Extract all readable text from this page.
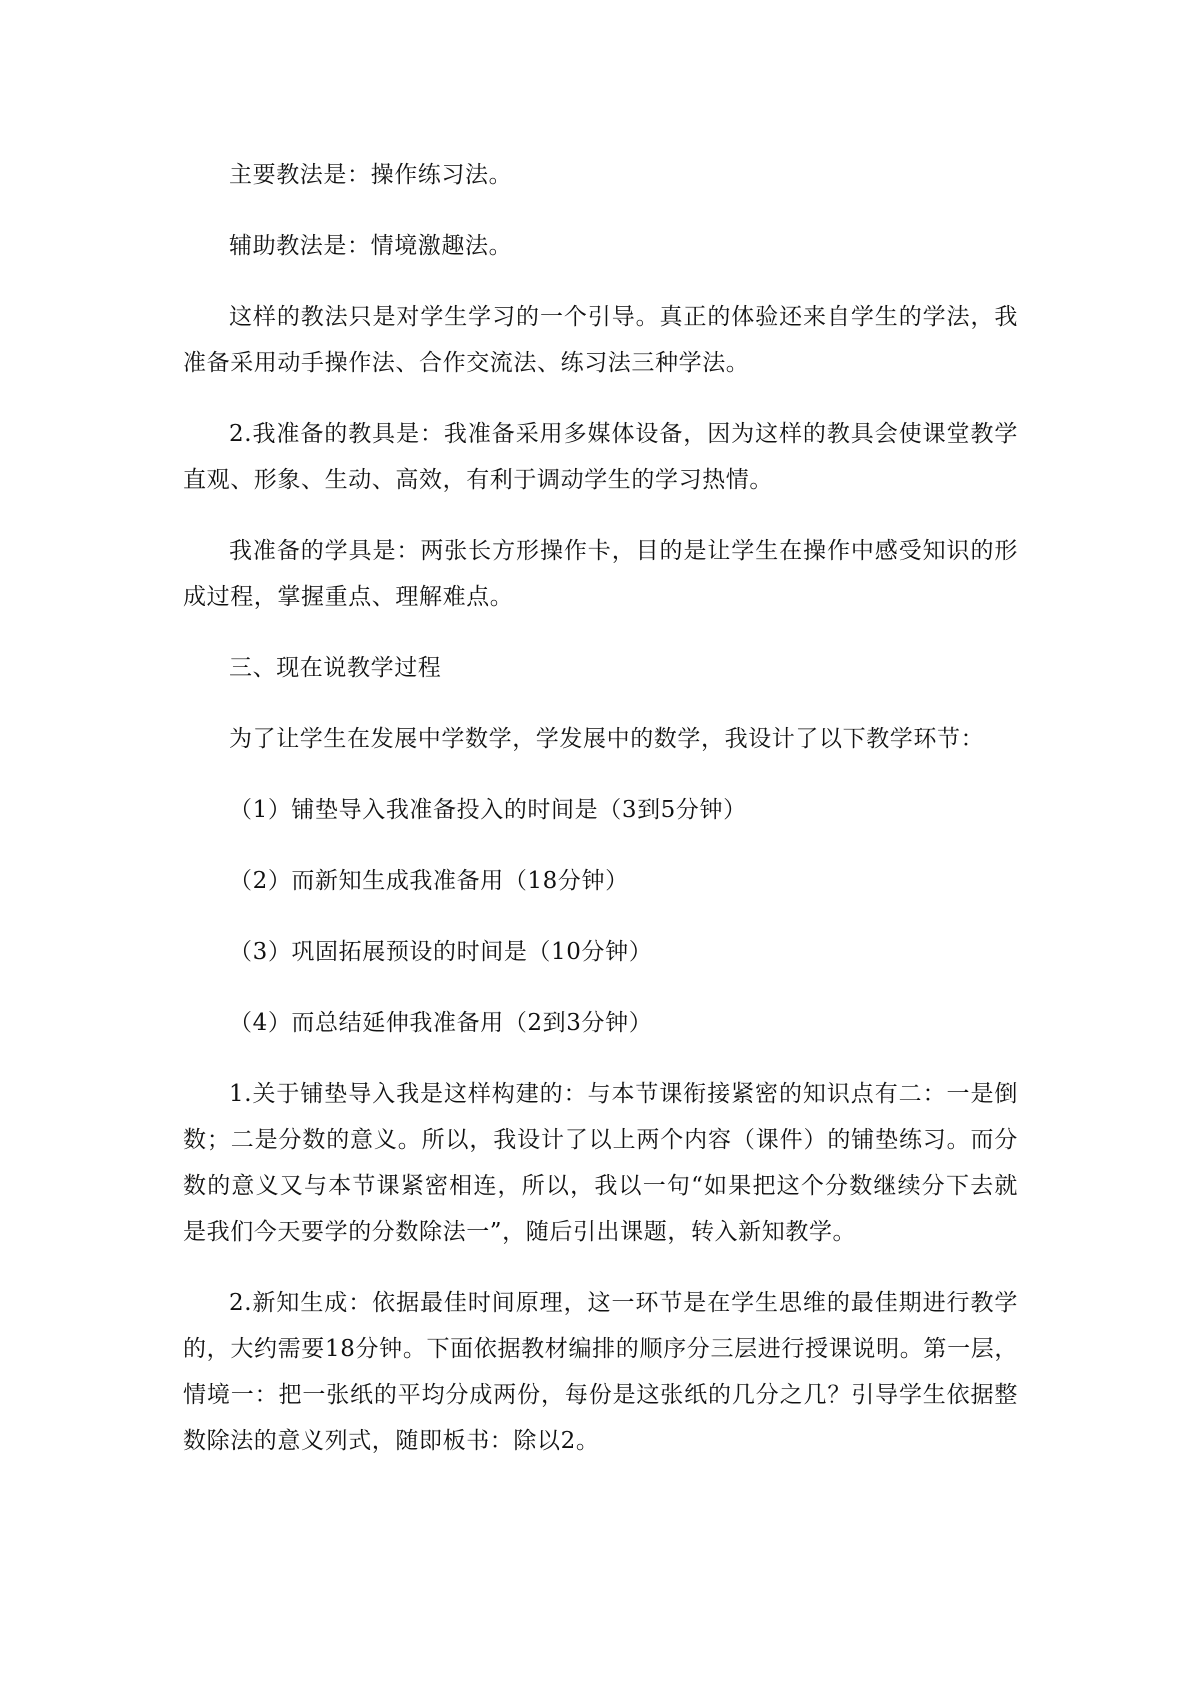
主要教法是：操作练习法。

辅助教法是：情境激趣法。

这样的教法只是对学生学习的一个引导。真正的体验还来自学生的学法，我准备采用动手操作法、合作交流法、练习法三种学法。

2.我准备的教具是：我准备采用多媒体设备，因为这样的教具会使课堂教学直观、形象、生动、高效，有利于调动学生的学习热情。

我准备的学具是：两张长方形操作卡，目的是让学生在操作中感受知识的形成过程，掌握重点、理解难点。

三、现在说教学过程

为了让学生在发展中学数学，学发展中的数学，我设计了以下教学环节：

（1）铺垫导入我准备投入的时间是（3到5分钟）

（2）而新知生成我准备用（18分钟）

（3）巩固拓展预设的时间是（10分钟）

（4）而总结延伸我准备用（2到3分钟）

1.关于铺垫导入我是这样构建的：与本节课衔接紧密的知识点有二：一是倒数；二是分数的意义。所以，我设计了以上两个内容（课件）的铺垫练习。而分数的意义又与本节课紧密相连，所以，我以一句“如果把这个分数继续分下去就是我们今天要学的分数除法一”，随后引出课题，转入新知教学。

2.新知生成：依据最佳时间原理，这一环节是在学生思维的最佳期进行教学的，大约需要18分钟。下面依据教材编排的顺序分三层进行授课说明。第一层，情境一：把一张纸的平均分成两份，每份是这张纸的几分之几？引导学生依据整数除法的意义列式，随即板书：除以2。
